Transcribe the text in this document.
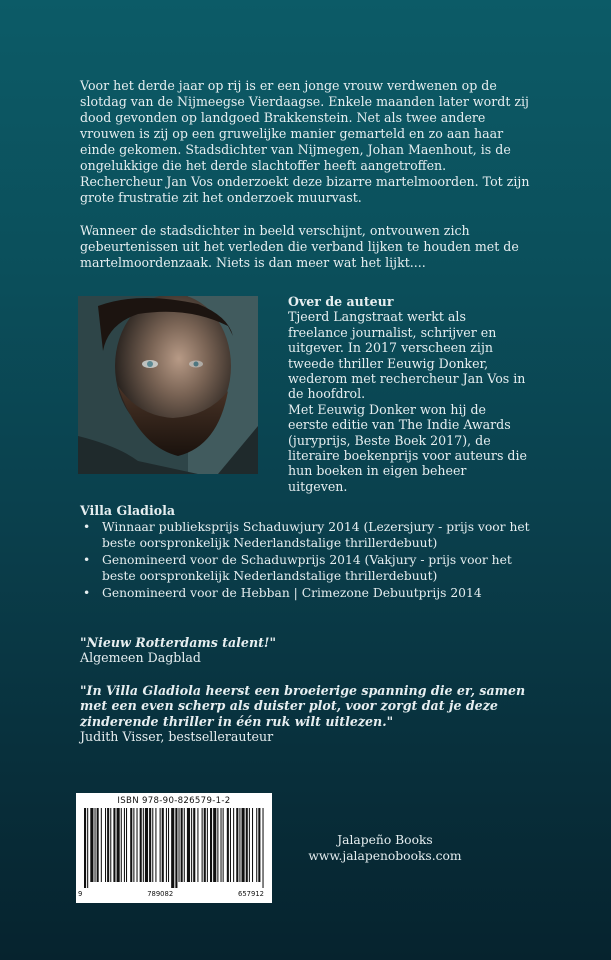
Voor het derde jaar op rij is er een jonge vrouw verdwenen op de slotdag van de Nijmeegse Vierdaagse. Enkele maanden later wordt zij dood gevonden op landgoed Brakkenstein. Net als twee andere vrouwen is zij op een gruwelijke manier gemarteld en zo aan haar einde gekomen. Stadsdichter van Nijmegen, Johan Maenhout, is de ongelukkige die het derde slachtoffer heeft aangetroffen. Rechercheur Jan Vos onderzoekt deze bizarre martelmoorden. Tot zijn grote frustratie zit het onderzoek muurvast.

Wanneer de stadsdichter in beeld verschijnt, ontvouwen zich gebeurtenissen uit het verleden die verband lijken te houden met de martelmoordenzaak. Niets is dan meer wat het lijkt....

Over de auteur

Tjeerd Langstraat werkt als freelance journalist, schrijver en uitgever. In 2017 verscheen zijn tweede thriller Eeuwig Donker, wederom met rechercheur Jan Vos in de hoofdrol.

Met Eeuwig Donker won hij de eerste editie van The Indie Awards (juryprijs, Beste Boek 2017), de literaire boekenprijs voor auteurs die hun boeken in eigen beheer uitgeven.

Villa Gladiola
• Winnaar publieksprijs Schaduwjury 2014 (Lezersjury - prijs voor het beste oorspronkelijk Nederlandstalige thrillerdebuut)
• Genomineerd voor de Schaduwprijs 2014 (Vakjury - prijs voor het beste oorspronkelijk Nederlandstalige thrillerdebuut)
• Genomineerd voor de Hebban | Crimezone Debuutprijs 2014
"Nieuw Rotterdams talent!"
Algemeen Dagblad
"In Villa Gladiola heerst een broeierige spanning die er, samen met een even scherp als duister plot, voor zorgt dat je deze zinderende thriller in één ruk wilt uitlezen."
Judith Visser, bestsellerauteur
ISBN 978-90-826579-1-2
9	789082	657912
Jalapeño Books
www.jalapenobooks.com
